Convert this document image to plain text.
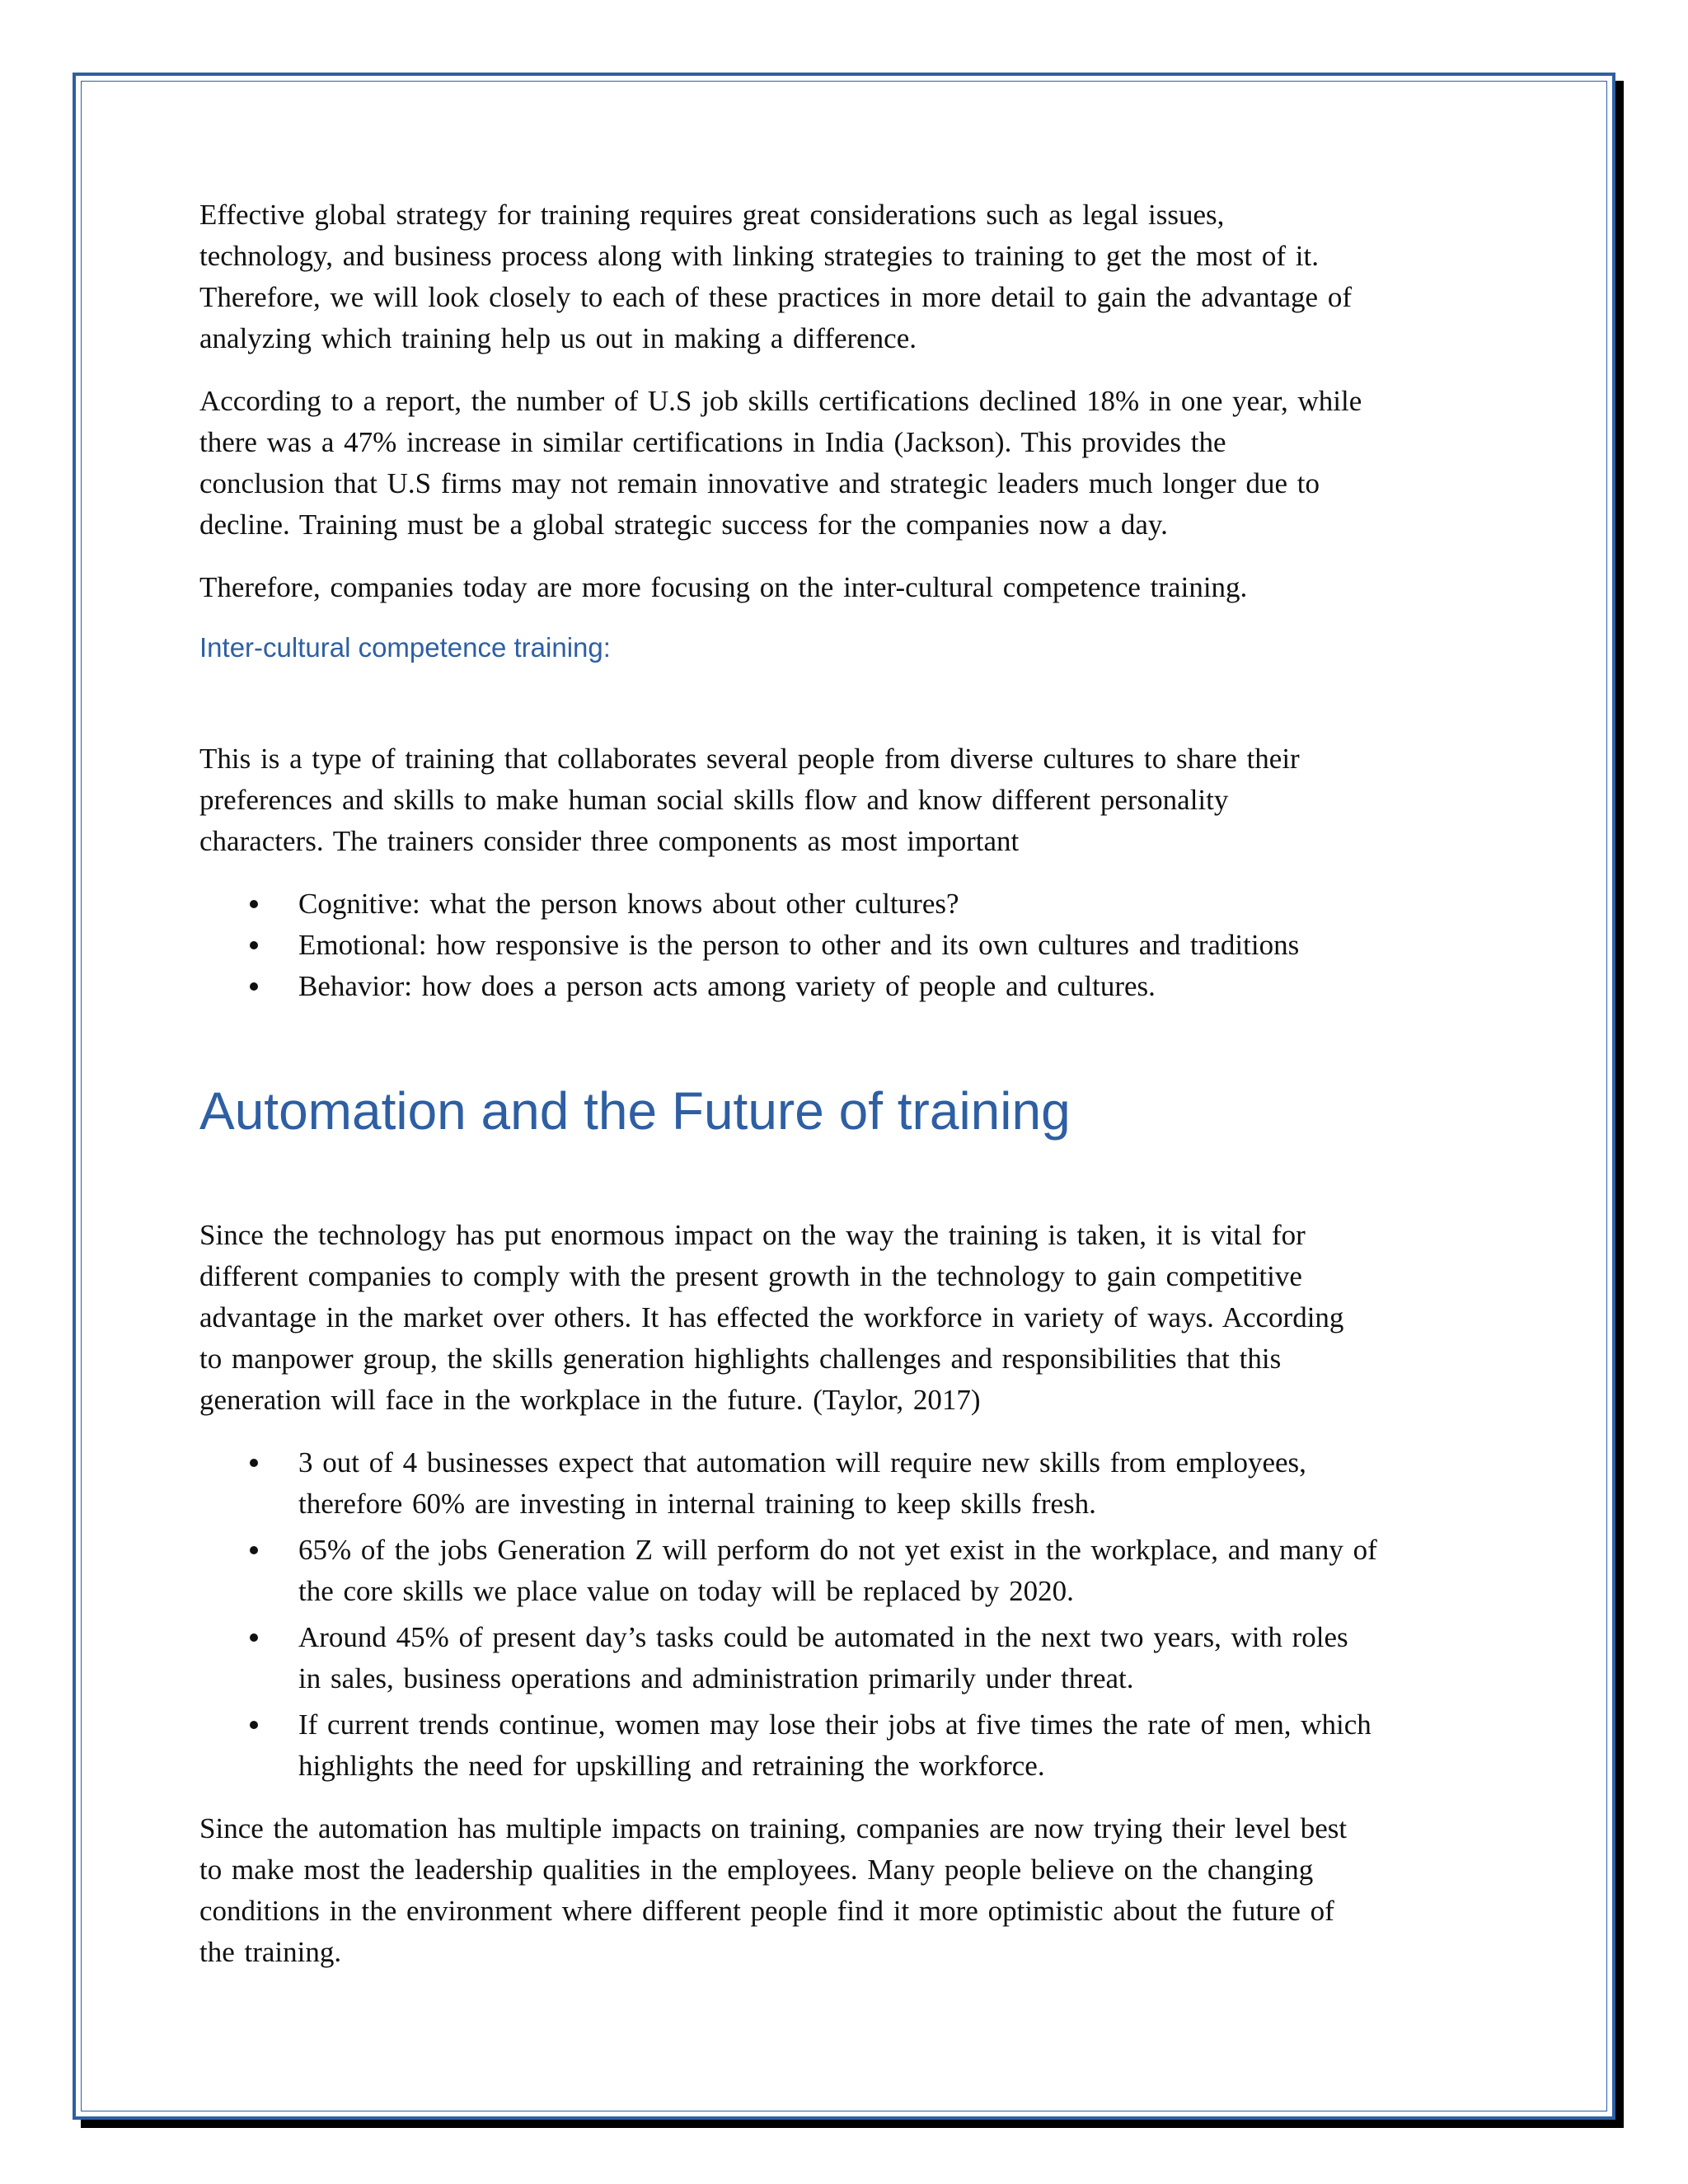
Effective global strategy for training requires great considerations such as legal issues,
technology, and business process along with linking strategies to training to get the most of it.
Therefore, we will look closely to each of these practices in more detail to gain the advantage of
analyzing which training help us out in making a difference.
According to a report, the number of U.S job skills certifications declined 18% in one year, while
there was a 47% increase in similar certifications in India (Jackson). This provides the
conclusion that U.S firms may not remain innovative and strategic leaders much longer due to
decline. Training must be a global strategic success for the companies now a day.
Therefore, companies today are more focusing on the inter-cultural competence training.
Inter-cultural competence training:
This is a type of training that collaborates several people from diverse cultures to share their
preferences and skills to make human social skills flow and know different personality
characters. The trainers consider three components as most important
Cognitive: what the person knows about other cultures?
Emotional: how responsive is the person to other and its own cultures and traditions
Behavior: how does a person acts among variety of people and cultures.
Automation and the Future of training
Since the technology has put enormous impact on the way the training is taken, it is vital for
different companies to comply with the present growth in the technology to gain competitive
advantage in the market over others. It has effected the workforce in variety of ways. According
to manpower group, the skills generation highlights challenges and responsibilities that this
generation will face in the workplace in the future. (Taylor, 2017)
3 out of 4 businesses expect that automation will require new skills from employees,
therefore 60% are investing in internal training to keep skills fresh.
65% of the jobs Generation Z will perform do not yet exist in the workplace, and many of
the core skills we place value on today will be replaced by 2020.
Around 45% of present day’s tasks could be automated in the next two years, with roles
in sales, business operations and administration primarily under threat.
If current trends continue, women may lose their jobs at five times the rate of men, which
highlights the need for upskilling and retraining the workforce.
Since the automation has multiple impacts on training, companies are now trying their level best
to make most the leadership qualities in the employees. Many people believe on the changing
conditions in the environment where different people find it more optimistic about the future of
the training.
